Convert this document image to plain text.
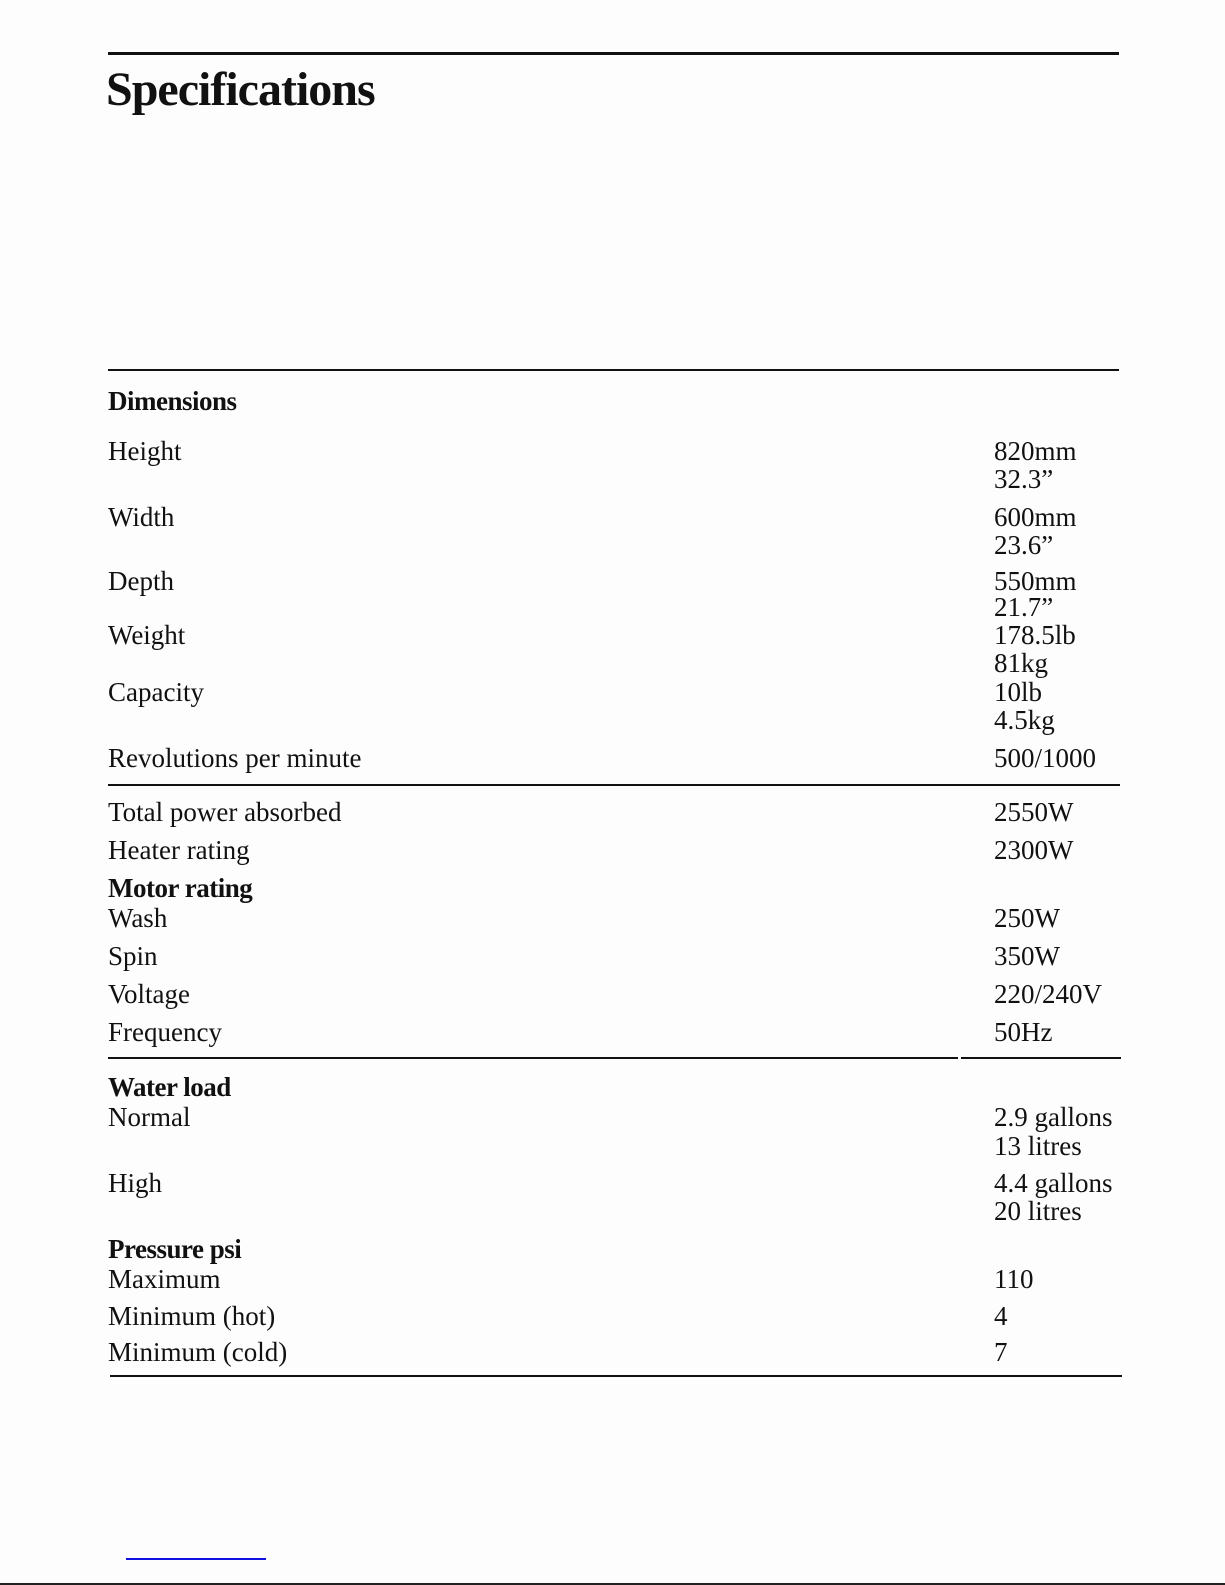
Specifications
Dimensions
Height	820mm
32.3”
Width	600mm
23.6”
Depth	550mm
21.7”
Weight	178.5lb
81kg
Capacity	10lb
4.5kg
Revolutions per minute	500/1000
Total power absorbed	2550W
Heater rating	2300W
Motor rating
Wash	250W
Spin	350W
Voltage	220/240V
Frequency	50Hz
Water load
Normal	2.9 gallons
13 litres
High	4.4 gallons
20 litres
Pressure psi
Maximum	110
Minimum (hot)	4
Minimum (cold)	7
